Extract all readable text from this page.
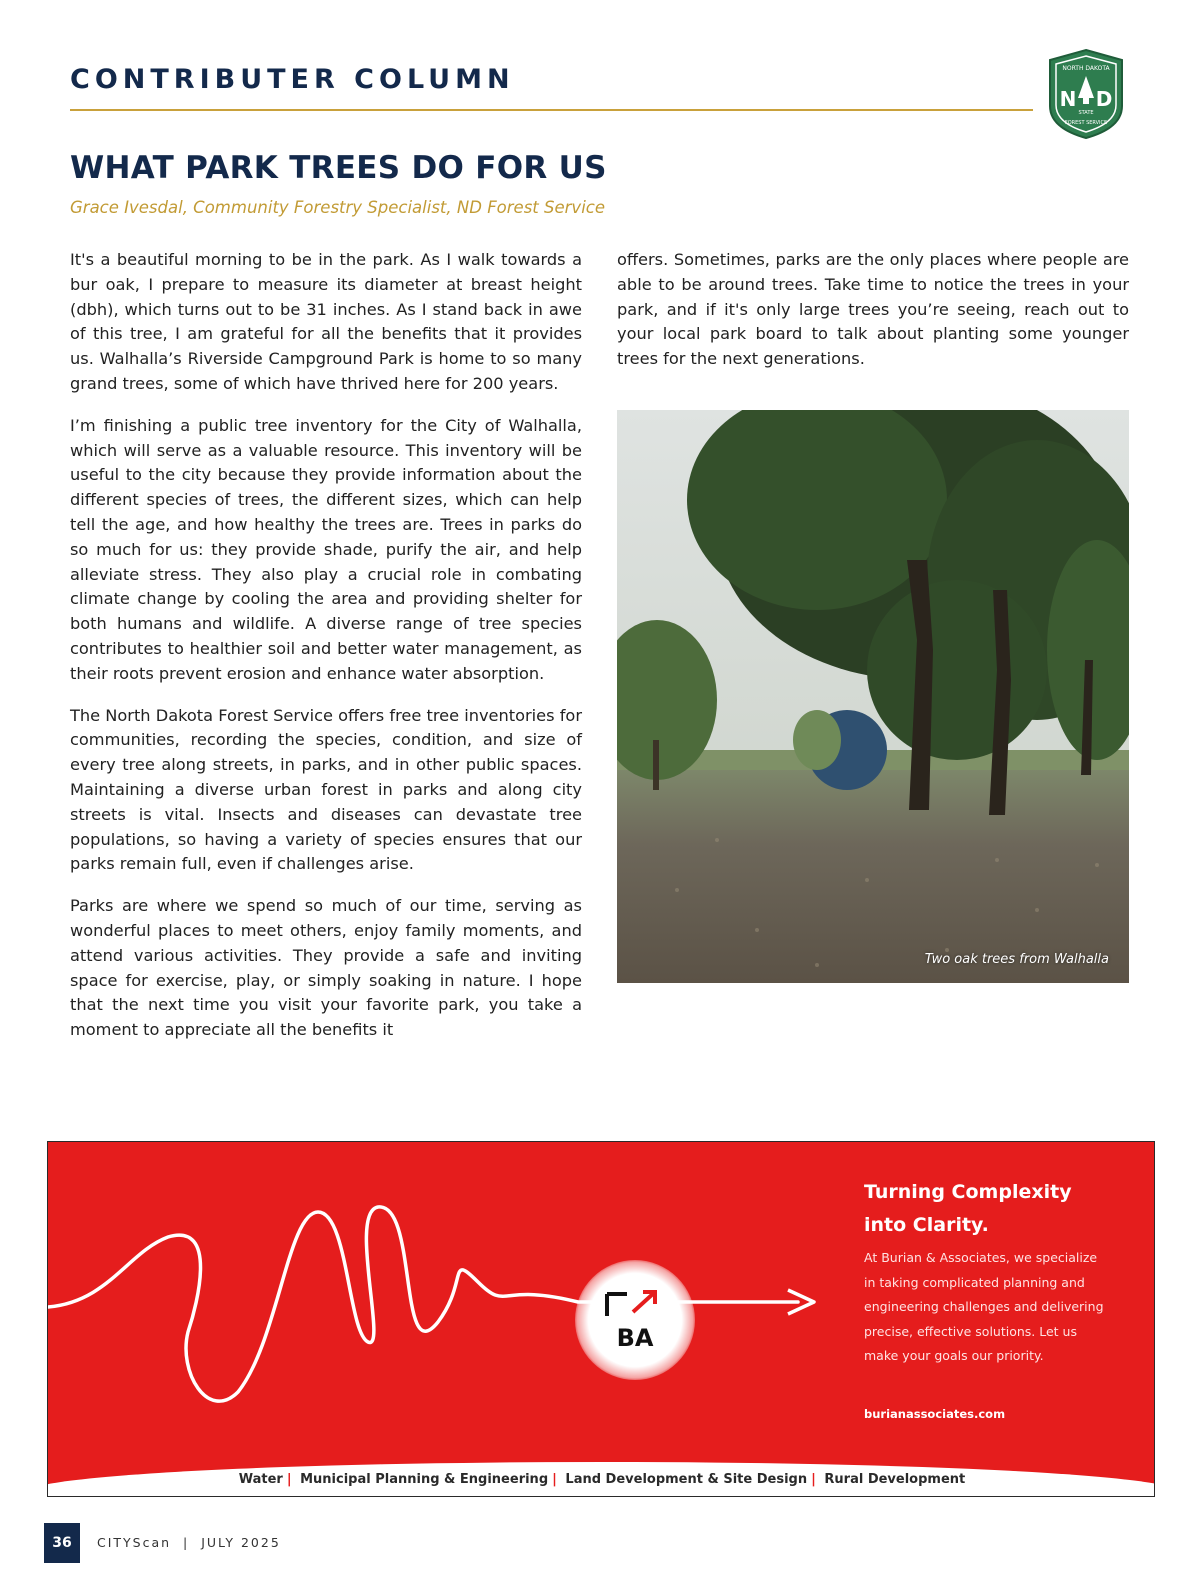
CONTRIBUTER COLUMN	NORTH DAKOTA
N D
STATE
FOREST SERVICE
WHAT PARK TREES DO FOR US
Grace Ivesdal, Community Forestry Specialist, ND Forest Service

It's a beautiful morning to be in the park. As I walk towards a bur oak, I prepare to measure its diameter at breast height (dbh), which turns out to be 31 inches. As I stand back in awe of this tree, I am grateful for all the benefits that it provides us. Walhalla’s Riverside Campground Park is home to so many grand trees, some of which have thrived here for 200 years.

I’m finishing a public tree inventory for the City of Walhalla, which will serve as a valuable resource. This inventory will be useful to the city because they provide information about the different species of trees, the different sizes, which can help tell the age, and how healthy the trees are. Trees in parks do so much for us: they provide shade, purify the air, and help alleviate stress. They also play a crucial role in combating climate change by cooling the area and providing shelter for both humans and wildlife. A diverse range of tree species contributes to healthier soil and better water management, as their roots prevent erosion and enhance water absorption.

The North Dakota Forest Service offers free tree inventories for communities, recording the species, condition, and size of every tree along streets, in parks, and in other public spaces. Maintaining a diverse urban forest in parks and along city streets is vital. Insects and diseases can devastate tree populations, so having a variety of species ensures that our parks remain full, even if challenges arise.

Parks are where we spend so much of our time, serving as wonderful places to meet others, enjoy family moments, and attend various activities. They provide a safe and inviting space for exercise, play, or simply soaking in nature. I hope that the next time you visit your favorite park, you take a moment to appreciate all the benefits it

offers. Sometimes, parks are the only places where people are able to be around trees. Take time to notice the trees in your park, and if it's only large trees you’re seeing, reach out to your local park board to talk about planting some younger trees for the next generations.

Two oak trees from Walhalla
BA
Turning Complexity
into Clarity.
At Burian & Associates, we specialize in taking complicated planning and engineering challenges and delivering precise, effective solutions. Let us make your goals our priority.
burianassociates.com
Water | Municipal Planning & Engineering | Land Development & Site Design | Rural Development
36	CITYScan  |  JULY 2025
